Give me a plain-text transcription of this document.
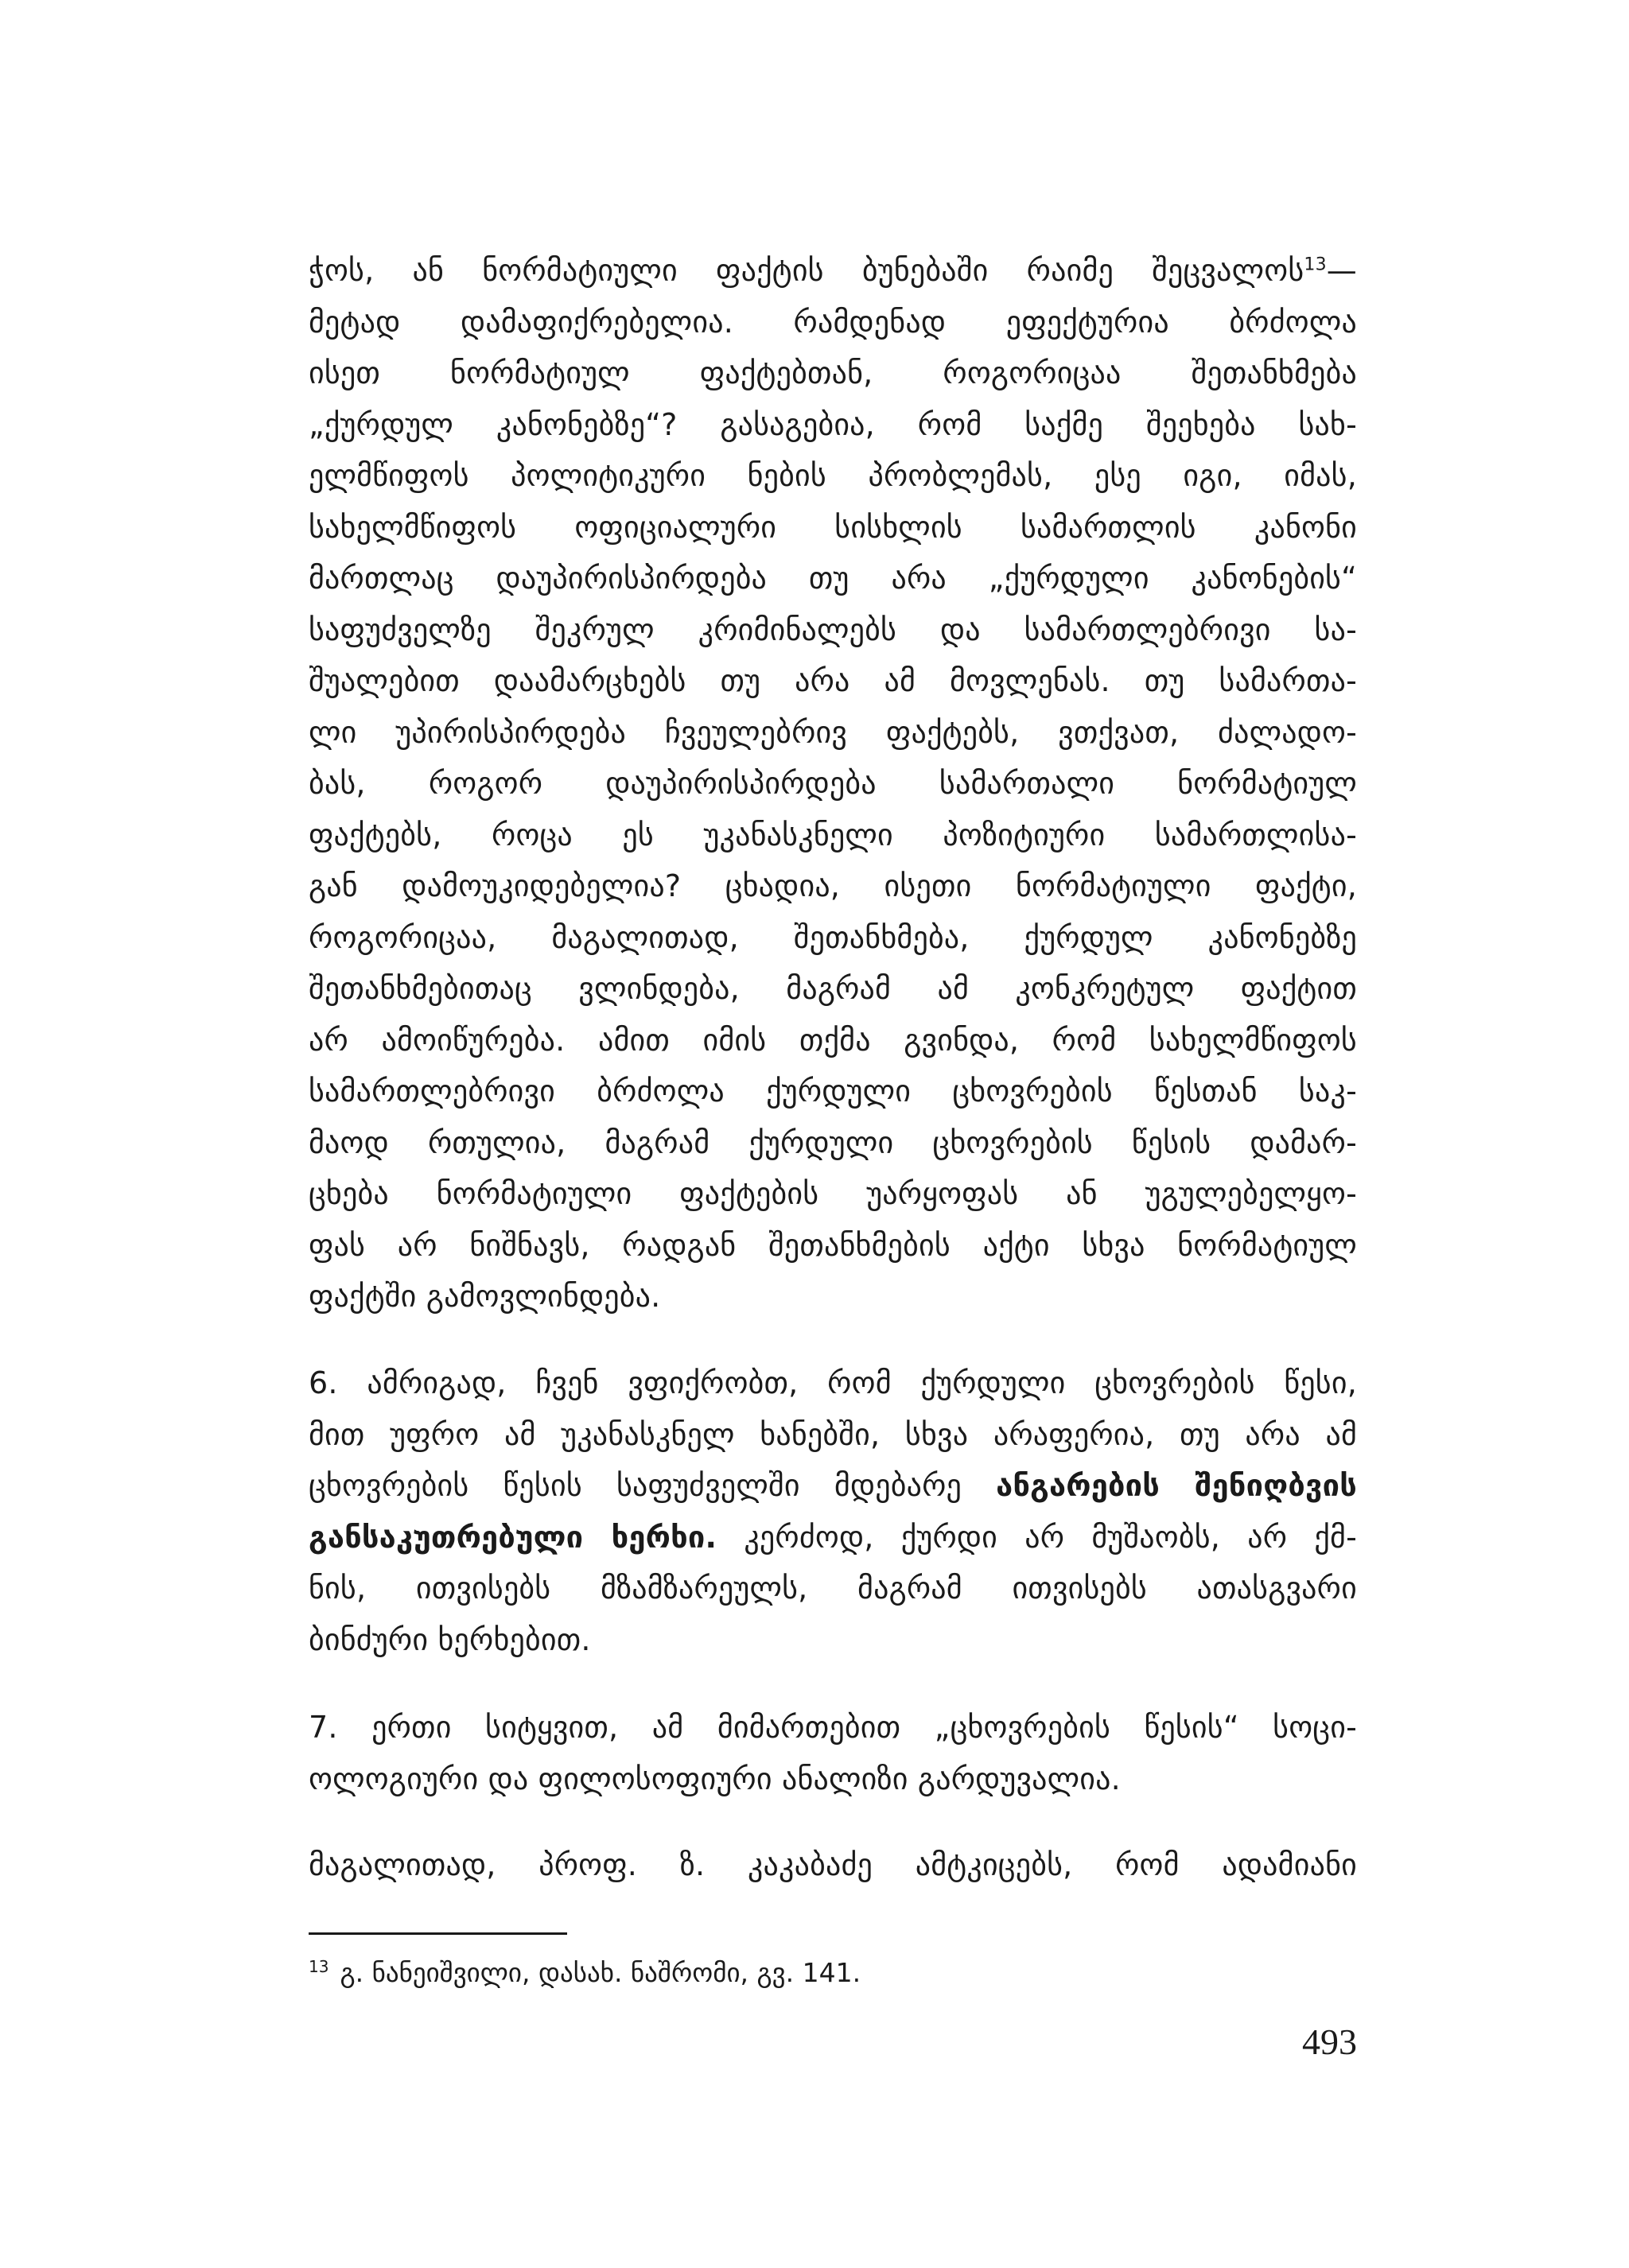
ჭოს, ან ნორმატიული ფაქტის ბუნებაში რაიმე შეცვალოს$^{13}$—
მეტად დამაფიქრებელია. რამდენად ეფექტურია ბრძოლა
ისეთ ნორმატიულ ფაქტებთან, როგორიცაა შეთანხმება
„ქურდულ კანონებზე“? გასაგებია, რომ საქმე შეეხება სახ-
ელმწიფოს პოლიტიკური ნების პრობლემას, ესე იგი, იმას,
სახელმწიფოს ოფიციალური სისხლის სამართლის კანონი
მართლაც დაუპირისპირდება თუ არა „ქურდული კანონების“
საფუძველზე შეკრულ კრიმინალებს და სამართლებრივი სა-
შუალებით დაამარცხებს თუ არა ამ მოვლენას. თუ სამართა-
ლი უპირისპირდება ჩვეულებრივ ფაქტებს, ვთქვათ, ძალადო-
ბას, როგორ დაუპირისპირდება სამართალი ნორმატიულ
ფაქტებს, როცა ეს უკანასკნელი პოზიტიური სამართლისა-
გან დამოუკიდებელია? ცხადია, ისეთი ნორმატიული ფაქტი,
როგორიცაა, მაგალითად, შეთანხმება, ქურდულ კანონებზე
შეთანხმებითაც ვლინდება, მაგრამ ამ კონკრეტულ ფაქტით
არ ამოიწურება. ამით იმის თქმა გვინდა, რომ სახელმწიფოს
სამართლებრივი ბრძოლა ქურდული ცხოვრების წესთან საკ-
მაოდ რთულია, მაგრამ ქურდული ცხოვრების წესის დამარ-
ცხება ნორმატიული ფაქტების უარყოფას ან უგულებელყო-
ფას არ ნიშნავს, რადგან შეთანხმების აქტი სხვა ნორმატიულ
ფაქტში გამოვლინდება.
6. ამრიგად, ჩვენ ვფიქრობთ, რომ ქურდული ცხოვრების წესი,
მით უფრო ამ უკანასკნელ ხანებში, სხვა არაფერია, თუ არა ამ
ცხოვრების წესის საფუძველში მდებარე ანგარების შენიღბვის
განსაკუთრებული ხერხი. კერძოდ, ქურდი არ მუშაობს, არ ქმ-
ნის, ითვისებს მზამზარეულს, მაგრამ ითვისებს ათასგვარი
ბინძური ხერხებით.
7. ერთი სიტყვით, ამ მიმართებით „ცხოვრების წესის“ სოცი-
ოლოგიური და ფილოსოფიური ანალიზი გარდუვალია.
მაგალითად, პროფ. ზ. კაკაბაძე ამტკიცებს, რომ ადამიანი
$^{13}$ გ. ნანეიშვილი, დასახ. ნაშრომი, გვ. 141.
493
